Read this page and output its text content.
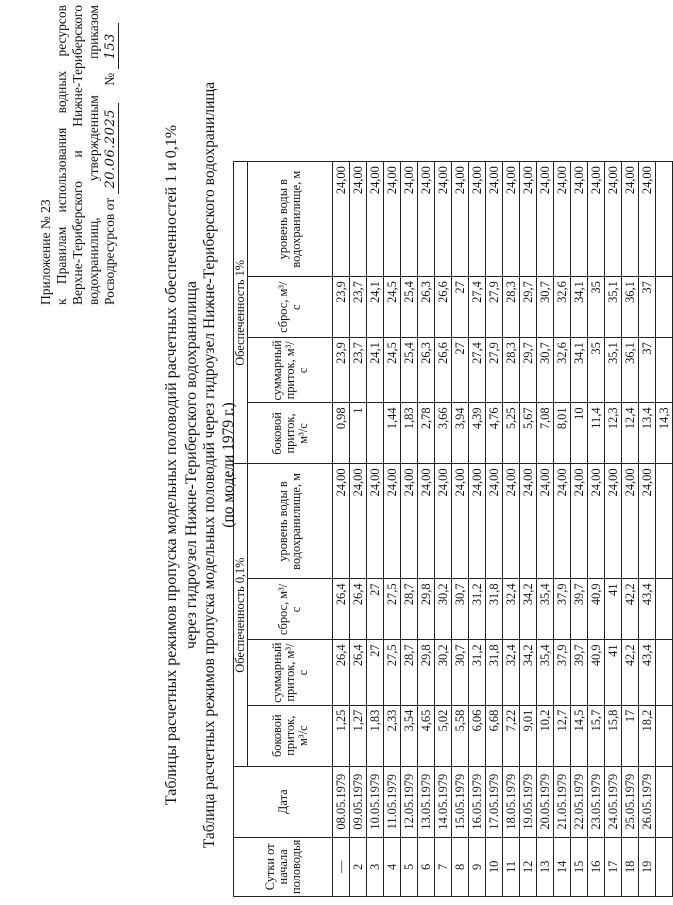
Приложение № 23 к Правилам использования водных ресурсов Верхне-Териберского и Нижне-Териберского водохранилищ,
утвержденным
приказом
Росводресурсов от 20.06.2025 № 153
Таблицы расчетных режимов пропуска модельных половодий расчетных обеспеченностей 1 и 0,1% через гидроузел Нижне-Териберского водохранилища Таблица расчетных режимов пропуска модельных половодий через гидроузел Нижне-Териберского водохранилища (по модели 1979 г.)
Сутки от начала половодья	Дата	Обеспеченность 0,1%				Обеспеченность 1%			
		боковой приток, м³/с	суммарный приток, м³/с	сброс, м³/с	уровень воды в водохранилище, м	боковой приток, м³/с	суммарный приток, м³/с	сброс, м³/с	уровень воды в водохранилище, м
—	08.05.1979	1,25	26,4	26,4	24,00	0,98	23,9	23,9	24,00
2	09.05.1979	1,27	26,4	26,4	24,00	1	23,7	23,7	24,00
3	10.05.1979	1,83	27	27	24,00		24,1	24,1	24,00
4	11.05.1979	2,33	27,5	27,5	24,00	1,44	24,5	24,5	24,00
5	12.05.1979	3,54	28,7	28,7	24,00	1,83	25,4	25,4	24,00
6	13.05.1979	4,65	29,8	29,8	24,00	2,78	26,3	26,3	24,00
7	14.05.1979	5,02	30,2	30,2	24,00	3,66	26,6	26,6	24,00
8	15.05.1979	5,58	30,7	30,7	24,00	3,94	27	27	24,00
9	16.05.1979	6,06	31,2	31,2	24,00	4,39	27,4	27,4	24,00
10	17.05.1979	6,68	31,8	31,8	24,00	4,76	27,9	27,9	24,00
11	18.05.1979	7,22	32,4	32,4	24,00	5,25	28,3	28,3	24,00
12	19.05.1979	9,01	34,2	34,2	24,00	5,67	29,7	29,7	24,00
13	20.05.1979	10,2	35,4	35,4	24,00	7,08	30,7	30,7	24,00
14	21.05.1979	12,7	37,9	37,9	24,00	8,01	32,6	32,6	24,00
15	22.05.1979	14,5	39,7	39,7	24,00	10	34,1	34,1	24,00
16	23.05.1979	15,7	40,9	40,9	24,00	11,4	35	35	24,00
17	24.05.1979	15,8	41	41	24,00	12,3	35,1	35,1	24,00
18	25.05.1979	17	42,2	42,2	24,00	12,4	36,1	36,1	24,00
19	26.05.1979	18,2	43,4	43,4	24,00	13,4	37	37	24,00
						14,3			
